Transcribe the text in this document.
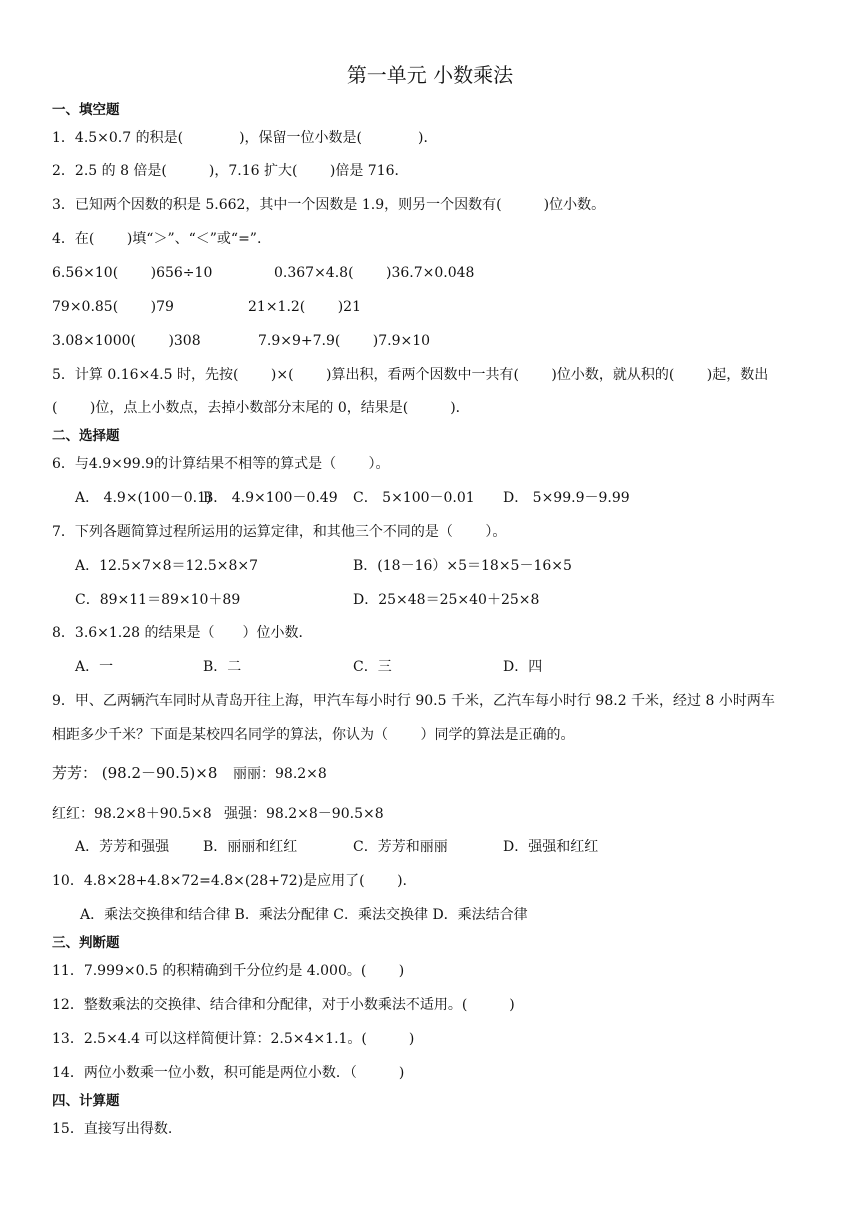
第一单元 小数乘法
一、填空题
1．4.5×0.7 的积是(　　　　)，保留一位小数是(　　　　)．
2．2.5 的 8 倍是(　　　)，7.16 扩大(　　 )倍是 716．
3．已知两个因数的积是 5.662，其中一个因数是 1.9，则另一个因数有(　　　)位小数。
4．在(　　 )填“＞”、“＜”或“=”.
6.56×10(　　 )656÷10	0.367×4.8(　　 )36.7×0.048
79×0.85(　　 )79	21×1.2(　　 )21
3.08×1000(　　 )308	7.9×9+7.9(　　 )7.9×10
5．计算 0.16×4.5 时，先按(　　 )×(　　 )算出积，看两个因数中一共有(　　 )位小数，就从积的(　　 )起，数出
(　　 )位，点上小数点，去掉小数部分末尾的 0，结果是(　　　)．
二、选择题
6．与4.9×99.9的计算结果不相等的算式是（　　 ）。
A． 4.9×(100－0.1)
B． 4.9×100－0.49 C． 5×100－0.01 D． 5×99.9－9.99
7．下列各题简算过程所运用的运算定律，和其他三个不同的是（　　 ）。
A．12.5×7×8＝12.5×8×7	B．(18－16）×5＝18×5－16×5
C．89×11＝89×10＋89	D．25×48＝25×40＋25×8
8．3.6×1.28 的结果是（　　）位小数．
A．一	B．二	C．三	D．四
9．甲、乙两辆汽车同时从青岛开往上海，甲汽车每小时行 90.5 千米，乙汽车每小时行 98.2 千米，经过 8 小时两车
相距多少千米？下面是某校四名同学的算法，你认为（　　 ）同学的算法是正确的。
芳芳： (98.2－90.5)×8 丽丽：98.2×8
红红：98.2×8＋90.5×8 强强：98.2×8－90.5×8
A．芳芳和强强 B．丽丽和红红	C．芳芳和丽丽	D．强强和红红
10．4.8×28+4.8×72=4.8×(28+72)是应用了(　　 ).
A．乘法交换律和结合律 B．乘法分配律 C．乘法交换律 D．乘法结合律
三、判断题
11．7.999×0.5 的积精确到千分位约是 4.000。(　　 )
12．整数乘法的交换律、结合律和分配律，对于小数乘法不适用。(　　　)
13．2.5×4.4 可以这样简便计算：2.5×4×1.1。(　　　)
14．两位小数乘一位小数，积可能是两位小数．（　　　)
四、计算题
15．直接写出得数.
